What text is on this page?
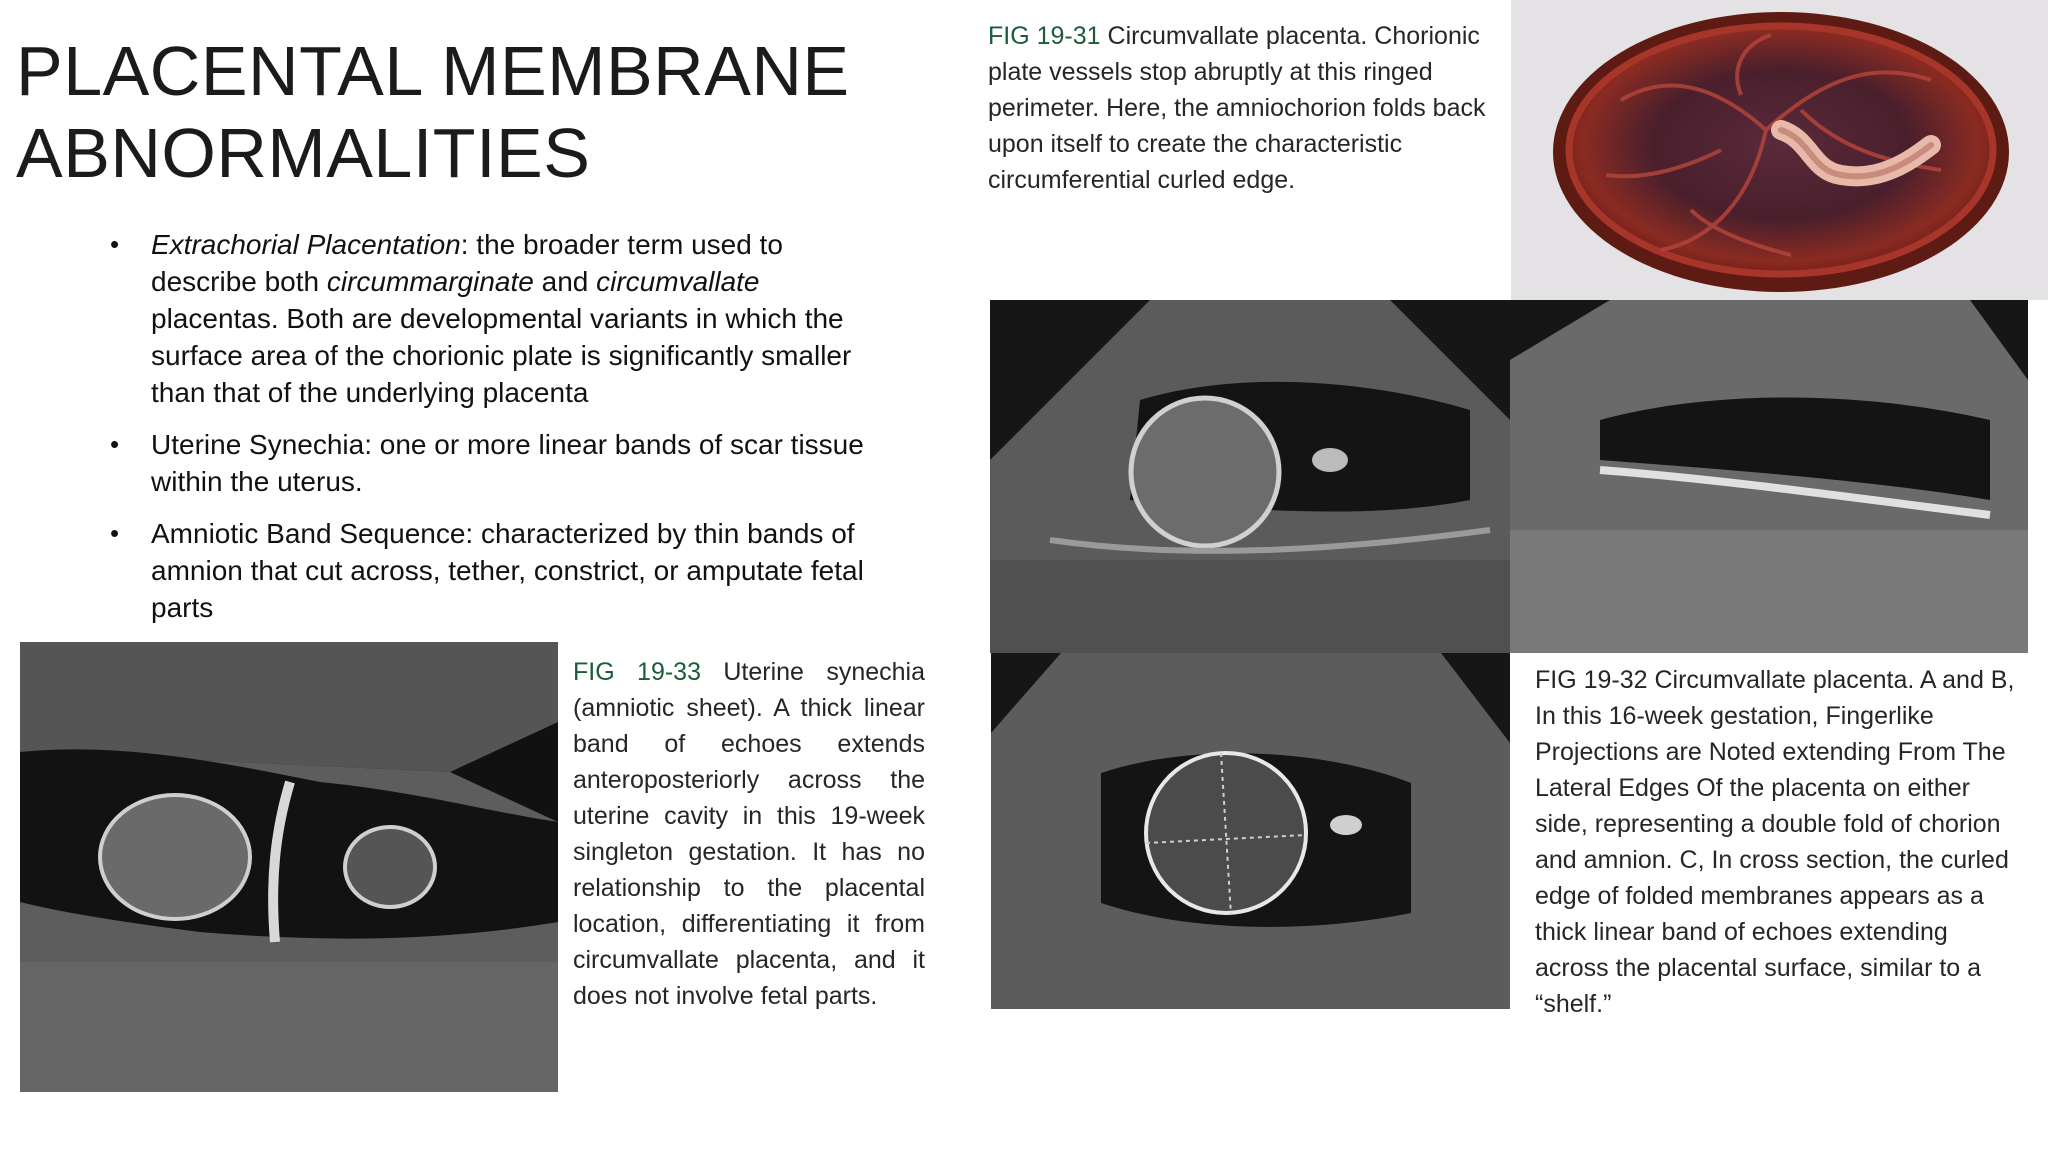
PLACENTAL MEMBRANE
ABNORMALITIES
• Extrachorial Placentation: the broader term used to describe both circummarginate and circumvallate placentas. Both are developmental variants in which the surface area of the chorionic plate is significantly smaller than that of the underlying placenta
• Uterine Synechia: one or more linear bands of scar tissue within the uterus.
• Amniotic Band Sequence: characterized by thin bands of amnion that cut across, tether, constrict, or amputate fetal parts
FIG 19-31 Circumvallate placenta. Chorionic plate vessels stop abruptly at this ringed perimeter. Here, the amniochorion folds back upon itself to create the characteristic circumferential curled edge.
FIG 19-33 Uterine synechia (amniotic sheet). A thick linear band of echoes extends anteroposteriorly across the uterine cavity in this 19-week singleton gestation. It has no relationship to the placental location, differentiating it from circumvallate placenta, and it does not involve fetal parts.
FIG 19-32 Circumvallate placenta. A and B, In this 16-week gestation, Fingerlike Projections are Noted extending From The Lateral Edges Of the placenta on either side, representing a double fold of chorion and amnion. C, In cross section, the curled edge of folded membranes appears as a thick linear band of echoes extending across the placental surface, similar to a “shelf.”
